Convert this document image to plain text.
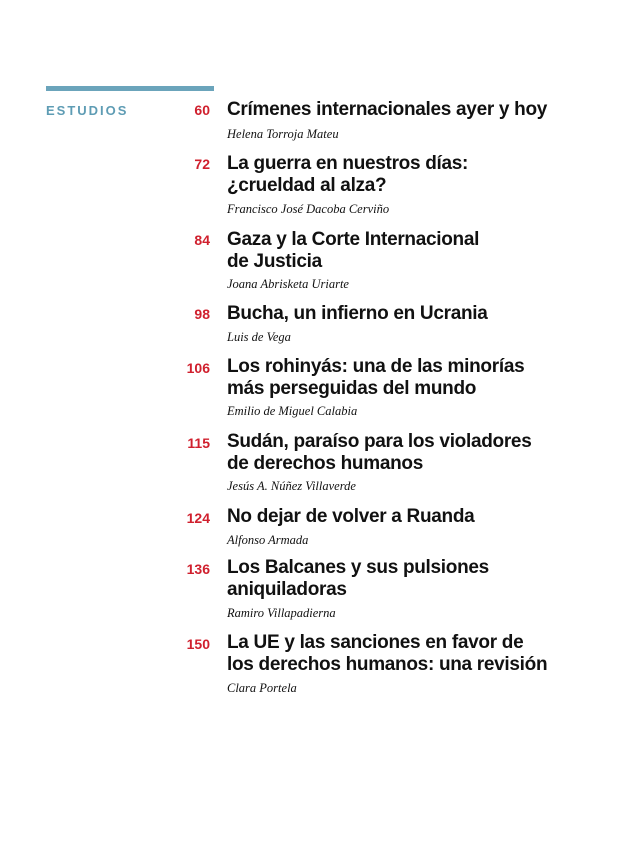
ESTUDIOS	60 Crímenes internacionales ayer y hoy
Helena Torroja Mateu
72 La guerra en nuestros días:
¿crueldad al alza?
Francisco José Dacoba Cerviño
84 Gaza y la Corte Internacional
de Justicia
Joana Abrisketa Uriarte
98 Bucha, un infierno en Ucrania
Luis de Vega
106 Los rohinyás: una de las minorías
más perseguidas del mundo
Emilio de Miguel Calabia
115 Sudán, paraíso para los violadores
de derechos humanos
Jesús A. Núñez Villaverde
124 No dejar de volver a Ruanda
Alfonso Armada
136 Los Balcanes y sus pulsiones
aniquiladoras
Ramiro Villapadierna
150 La UE y las sanciones en favor de
los derechos humanos: una revisión
Clara Portela
